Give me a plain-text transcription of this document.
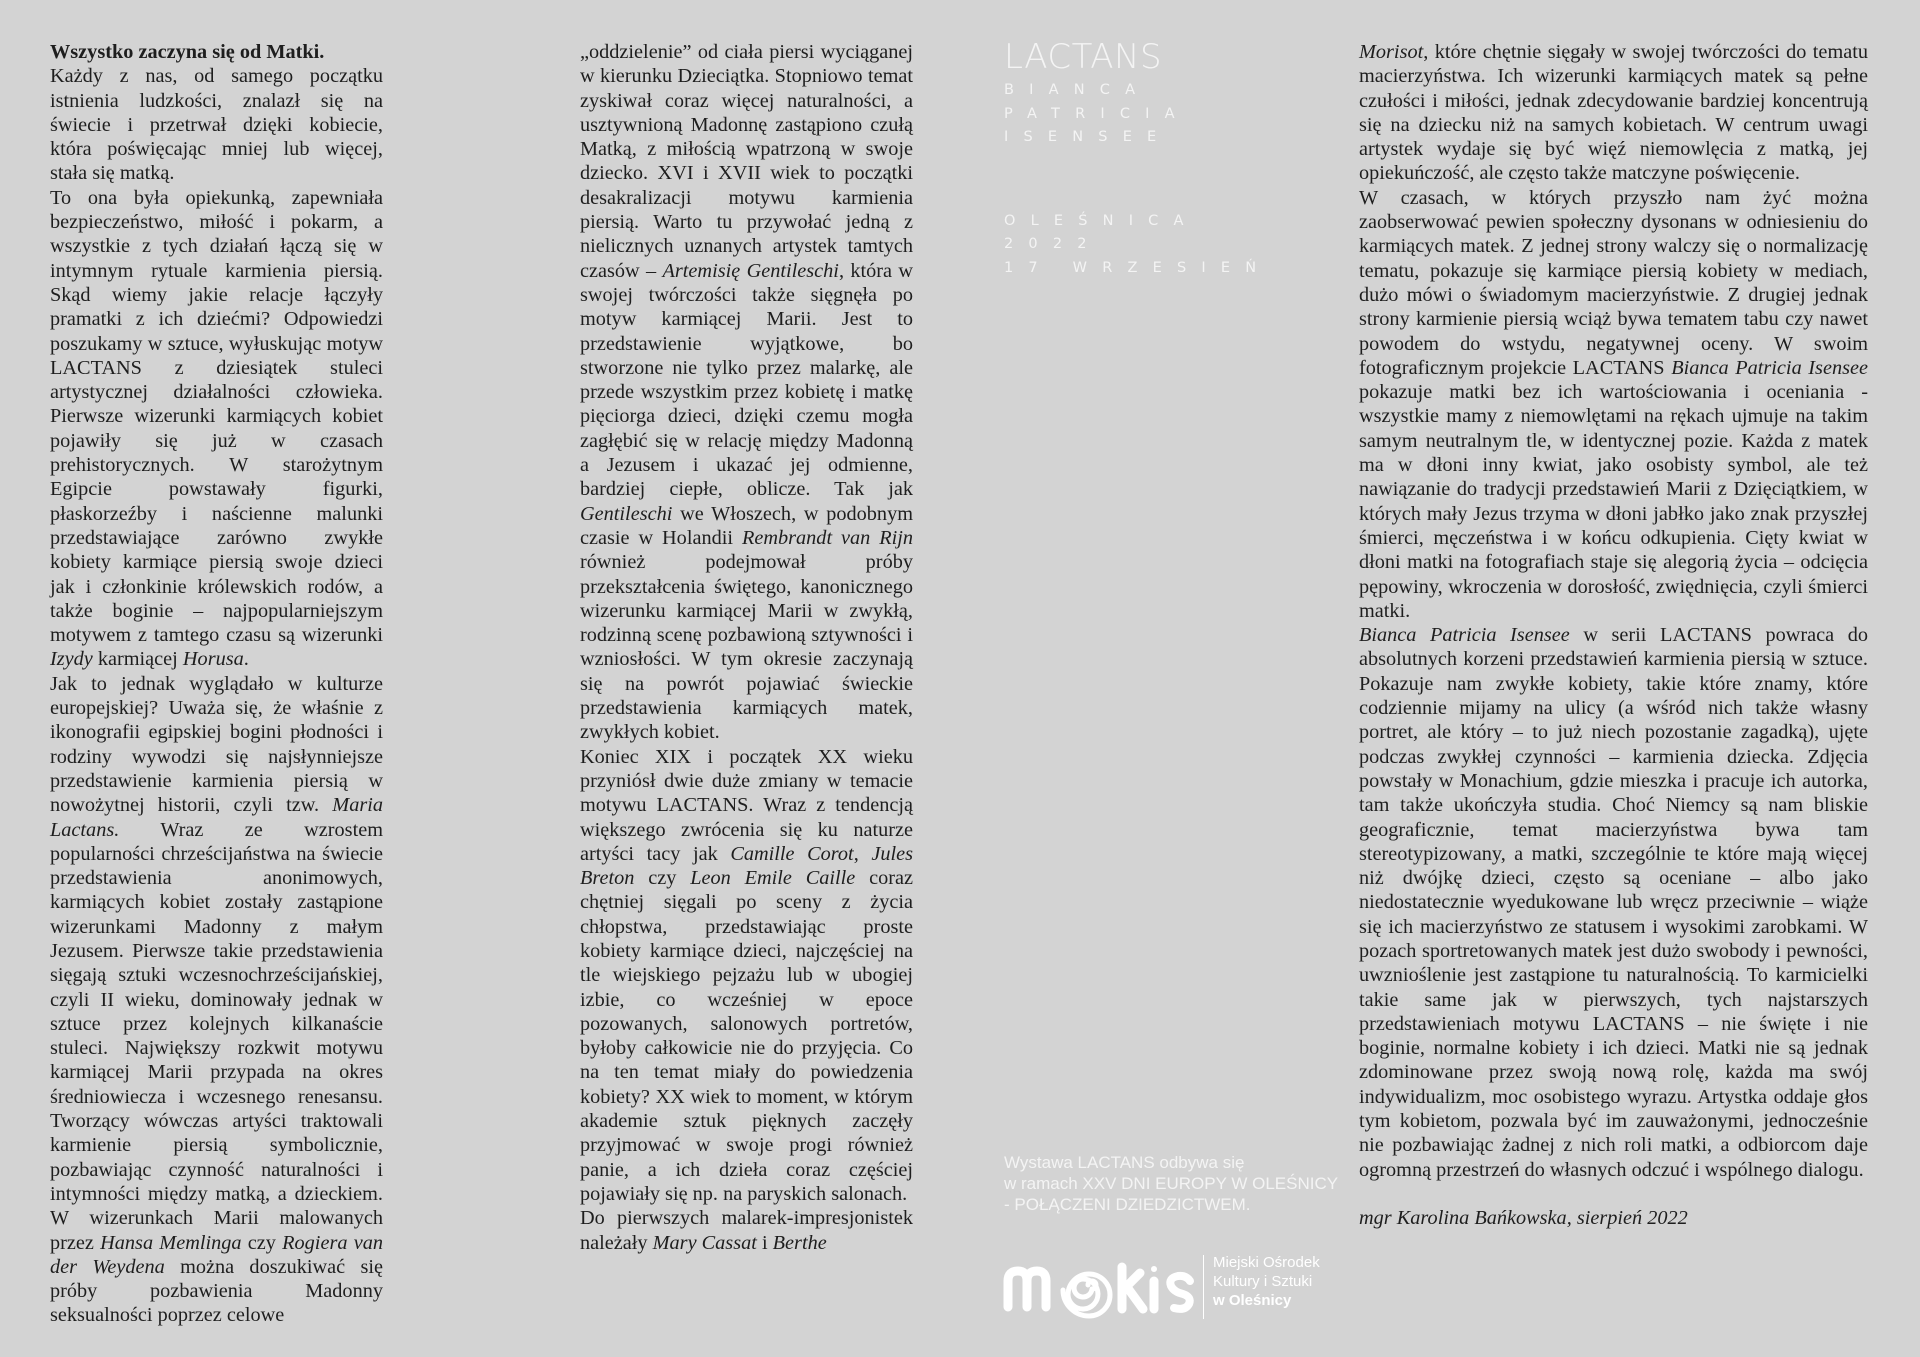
Wszystko zaczyna się od Matki.

Każdy z nas, od samego początku istnienia ludzkości, znalazł się na świecie i przetrwał dzięki kobiecie, która poświęcając mniej lub więcej, stała się matką.

To ona była opiekunką, zapewniała bezpieczeństwo, miłość i pokarm, a wszystkie z tych działań łączą się w intymnym rytuale karmienia piersią. Skąd wiemy jakie relacje łączyły pramatki z ich dziećmi? Odpowiedzi poszukamy w sztuce, wyłuskując motyw LACTANS z dziesiątek stuleci artystycznej działalności człowieka. Pierwsze wizerunki karmiących kobiet pojawiły się już w czasach prehistorycznych. W starożytnym Egipcie powstawały figurki, płaskorzeźby i naścienne malunki przedstawiające zarówno zwykłe kobiety karmiące piersią swoje dzieci jak i członkinie królewskich rodów, a także boginie – najpopularniejszym motywem z tamtego czasu są wizerunki Izydy karmiącej Horusa.

Jak to jednak wyglądało w kulturze europejskiej? Uważa się, że właśnie z ikonografii egipskiej bogini płodności i rodziny wywodzi się najsłynniejsze przedstawienie karmienia piersią w nowożytnej historii, czyli tzw. Maria Lactans. Wraz ze wzrostem popularności chrześcijaństwa na świecie przedstawienia anonimowych, karmiących kobiet zostały zastąpione wizerunkami Madonny z małym Jezusem. Pierwsze takie przedstawienia sięgają sztuki wczesnochrześcijańskiej, czyli II wieku, dominowały jednak w sztuce przez kolejnych kilkanaście stuleci. Największy rozkwit motywu karmiącej Marii przypada na okres średniowiecza i wczesnego renesansu. Tworzący wówczas artyści traktowali karmienie piersią symbolicznie, pozbawiając czynność naturalności i intymności między matką, a dzieckiem. W wizerunkach Marii malowanych przez Hansa Memlinga czy Rogiera van der Weydena można doszukiwać się próby pozbawienia Madonny seksualności poprzez celowe

„oddzielenie” od ciała piersi wyciąganej w kierunku Dzieciątka. Stopniowo temat zyskiwał coraz więcej naturalności, a usztywnioną Madonnę zastąpiono czułą Matką, z miłością wpatrzoną w swoje dziecko. XVI i XVII wiek to początki desakralizacji motywu karmienia piersią. Warto tu przywołać jedną z nielicznych uznanych artystek tamtych czasów – Artemisię Gentileschi, która w swojej twórczości także sięgnęła po motyw karmiącej Marii. Jest to przedstawienie wyjątkowe, bo stworzone nie tylko przez malarkę, ale przede wszystkim przez kobietę i matkę pięciorga dzieci, dzięki czemu mogła zagłębić się w relację między Madonną a Jezusem i ukazać jej odmienne, bardziej ciepłe, oblicze. Tak jak Gentileschi we Włoszech, w podobnym czasie w Holandii Rembrandt van Rijn również podejmował próby przekształcenia świętego, kanonicznego wizerunku karmiącej Marii w zwykłą, rodzinną scenę pozbawioną sztywności i wzniosłości. W tym okresie zaczynają się na powrót pojawiać świeckie przedstawienia karmiących matek, zwykłych kobiet.

Koniec XIX i początek XX wieku przyniósł dwie duże zmiany w temacie motywu LACTANS. Wraz z tendencją większego zwrócenia się ku naturze artyści tacy jak Camille Corot, Jules Breton czy Leon Emile Caille coraz chętniej sięgali po sceny z życia chłopstwa, przedstawiając proste kobiety karmiące dzieci, najczęściej na tle wiejskiego pejzażu lub w ubogiej izbie, co wcześniej w epoce pozowanych, salonowych portretów, byłoby całkowicie nie do przyjęcia. Co na ten temat miały do powiedzenia kobiety? XX wiek to moment, w którym akademie sztuk pięknych zaczęły przyjmować w swoje progi również panie, a ich dzieła coraz częściej pojawiały się np. na paryskich salonach.

Do pierwszych malarek-impresjonistek należały Mary Cassat i Berthe

LACTANS
BIANCA
PATRICIA
ISENSEE
OLEŚNICA
2022
17 WRZESIEŃ
Wystawa LACTANS odbywa się
w ramach XXV DNI EUROPY W OLEŚNICY
- POŁĄCZENI DZIEDZICTWEM.
Miejski Ośrodek
Kultury i Sztuki
w Oleśnicy

Morisot, które chętnie sięgały w swojej twórczości do tematu macierzyństwa. Ich wizerunki karmiących matek są pełne czułości i miłości, jednak zdecydowanie bardziej koncentrują się na dziecku niż na samych kobietach. W centrum uwagi artystek wydaje się być więź niemowlęcia z matką, jej opiekuńczość, ale często także matczyne poświęcenie.

W czasach, w których przyszło nam żyć można zaobserwować pewien społeczny dysonans w odniesieniu do karmiących matek. Z jednej strony walczy się o normalizację tematu, pokazuje się karmiące piersią kobiety w mediach, dużo mówi o świadomym macierzyństwie. Z drugiej jednak strony karmienie piersią wciąż bywa tematem tabu czy nawet powodem do wstydu, negatywnej oceny. W swoim fotograficznym projekcie LACTANS Bianca Patricia Isensee pokazuje matki bez ich wartościowania i oceniania - wszystkie mamy z niemowlętami na rękach ujmuje na takim samym neutralnym tle, w identycznej pozie. Każda z matek ma w dłoni inny kwiat, jako osobisty symbol, ale też nawiązanie do tradycji przedstawień Marii z Dzięciątkiem, w których mały Jezus trzyma w dłoni jabłko jako znak przyszłej śmierci, męczeństwa i w końcu odkupienia. Cięty kwiat w dłoni matki na fotografiach staje się alegorią życia – odcięcia pępowiny, wkroczenia w dorosłość, zwiędnięcia, czyli śmierci matki.

Bianca Patricia Isensee w serii LACTANS powraca do absolutnych korzeni przedstawień karmienia piersią w sztuce. Pokazuje nam zwykłe kobiety, takie które znamy, które codziennie mijamy na ulicy (a wśród nich także własny portret, ale który – to już niech pozostanie zagadką), ujęte podczas zwykłej czynności – karmienia dziecka. Zdjęcia powstały w Monachium, gdzie mieszka i pracuje ich autorka, tam także ukończyła studia. Choć Niemcy są nam bliskie geograficznie, temat macierzyństwa bywa tam stereotypizowany, a matki, szczególnie te które mają więcej niż dwójkę dzieci, często są oceniane – albo jako niedostatecznie wyedukowane lub wręcz przeciwnie – wiąże się ich macierzyństwo ze statusem i wysokimi zarobkami. W pozach sportretowanych matek jest dużo swobody i pewności, uwznioślenie jest zastąpione tu naturalnością. To karmicielki takie same jak w pierwszych, tych najstarszych przedstawieniach motywu LACTANS – nie święte i nie boginie, normalne kobiety i ich dzieci. Matki nie są jednak zdominowane przez swoją nową rolę, każda ma swój indywidualizm, moc osobistego wyrazu. Artystka oddaje głos tym kobietom, pozwala być im zauważonymi, jednocześnie nie pozbawiając żadnej z nich roli matki, a odbiorcom daje ogromną przestrzeń do własnych odczuć i wspólnego dialogu.

mgr Karolina Bańkowska, sierpień 2022
